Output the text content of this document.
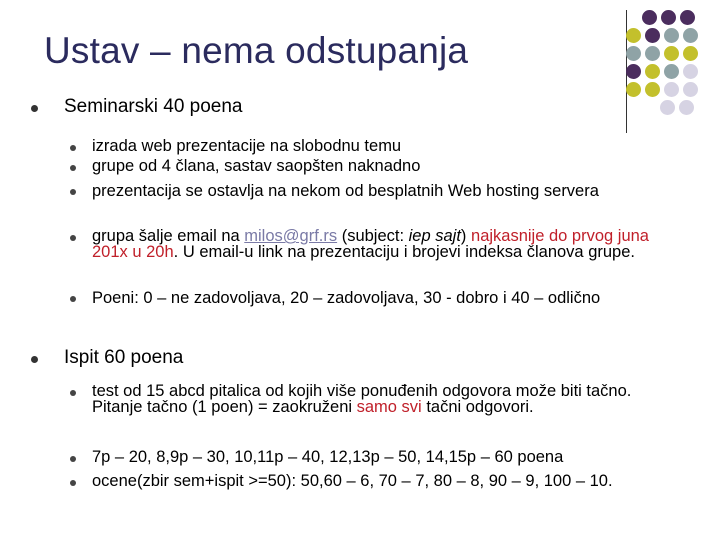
Ustav – nema odstupanja
Seminarski 40 poena
izrada web prezentacije na slobodnu temu
grupe od 4 člana, sastav saopšten naknadno
prezentacija se ostavlja na nekom od besplatnih Web hosting servera
grupa šalje email na milos@grf.rs (subject: iep sajt) najkasnije do prvog juna 201x u 20h. U email-u link na prezentaciju i brojevi indeksa članova grupe.
Poeni: 0 – ne zadovoljava, 20 – zadovoljava, 30 - dobro i 40 – odlično
Ispit 60 poena
test od 15 abcd pitalica od kojih više ponuđenih odgovora može biti tačno. Pitanje tačno (1 poen) = zaokruženi samo svi tačni odgovori.
7p – 20, 8,9p – 30, 10,11p – 40, 12,13p – 50, 14,15p – 60 poena
ocene(zbir sem+ispit >=50): 50,60 – 6, 70 – 7, 80 – 8, 90 – 9, 100 – 10.
